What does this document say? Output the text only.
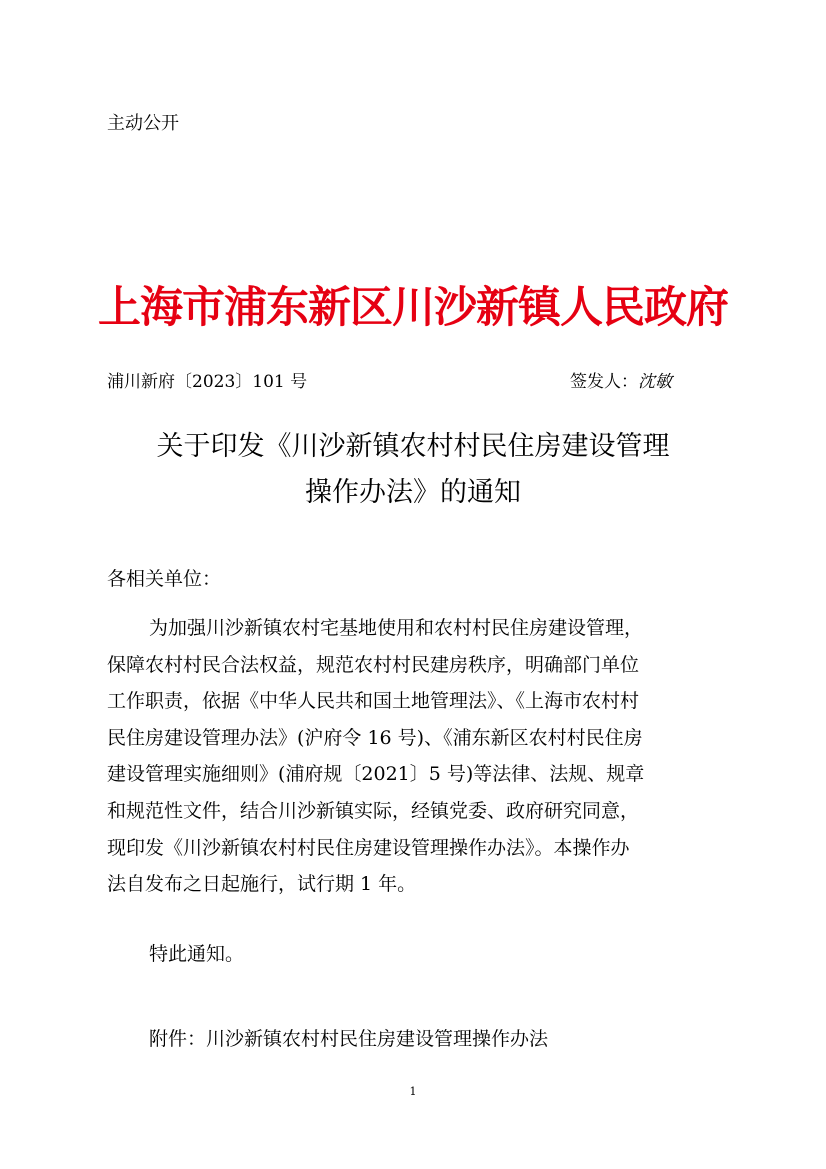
主动公开
上海市浦东新区川沙新镇人民政府
浦川新府〔2023〕101 号	签发人：沈敏
关于印发《川沙新镇农村村民住房建设管理
操作办法》的通知
各相关单位：
为加强川沙新镇农村宅基地使用和农村村民住房建设管理，
保障农村村民合法权益，规范农村村民建房秩序，明确部门单位
工作职责，依据《中华人民共和国土地管理法》、《上海市农村村
民住房建设管理办法》(沪府令 16 号)、《浦东新区农村村民住房
建设管理实施细则》(浦府规〔2021〕5 号)等法律、法规、规章
和规范性文件，结合川沙新镇实际，经镇党委、政府研究同意，
现印发《川沙新镇农村村民住房建设管理操作办法》。本操作办
法自发布之日起施行，试行期 1 年。
特此通知。
附件：川沙新镇农村村民住房建设管理操作办法
1
